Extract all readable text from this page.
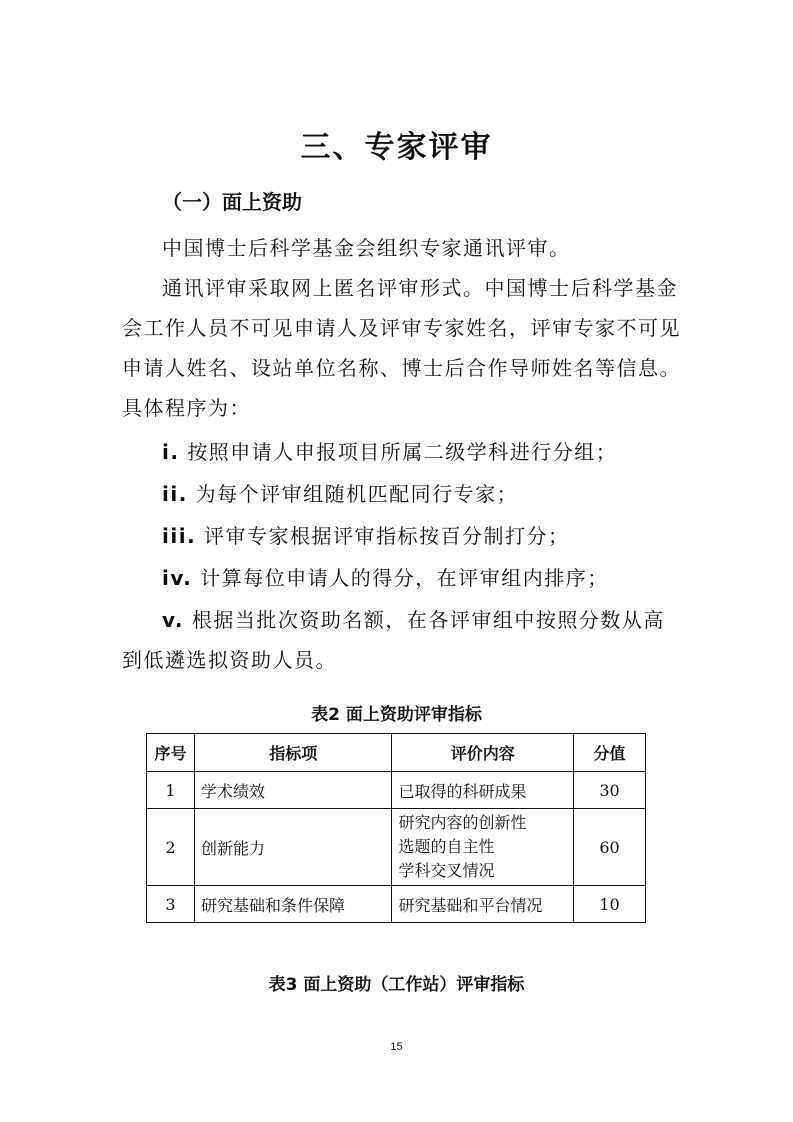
三、专家评审
（一）面上资助
中国博士后科学基金会组织专家通讯评审。
通讯评审采取网上匿名评审形式。中国博士后科学基金会工作人员不可见申请人及评审专家姓名，评审专家不可见申请人姓名、设站单位名称、博士后合作导师姓名等信息。具体程序为：
i. 按照申请人申报项目所属二级学科进行分组；
ii. 为每个评审组随机匹配同行专家；
iii. 评审专家根据评审指标按百分制打分；
iv. 计算每位申请人的得分，在评审组内排序；
v. 根据当批次资助名额，在各评审组中按照分数从高到低遴选拟资助人员。
表2 面上资助评审指标
序号	指标项	评价内容	分值
1	学术绩效	已取得的科研成果	30
2	创新能力	研究内容的创新性
选题的自主性
学科交叉情况	60
3	研究基础和条件保障	研究基础和平台情况	10
表3 面上资助（工作站）评审指标
15
